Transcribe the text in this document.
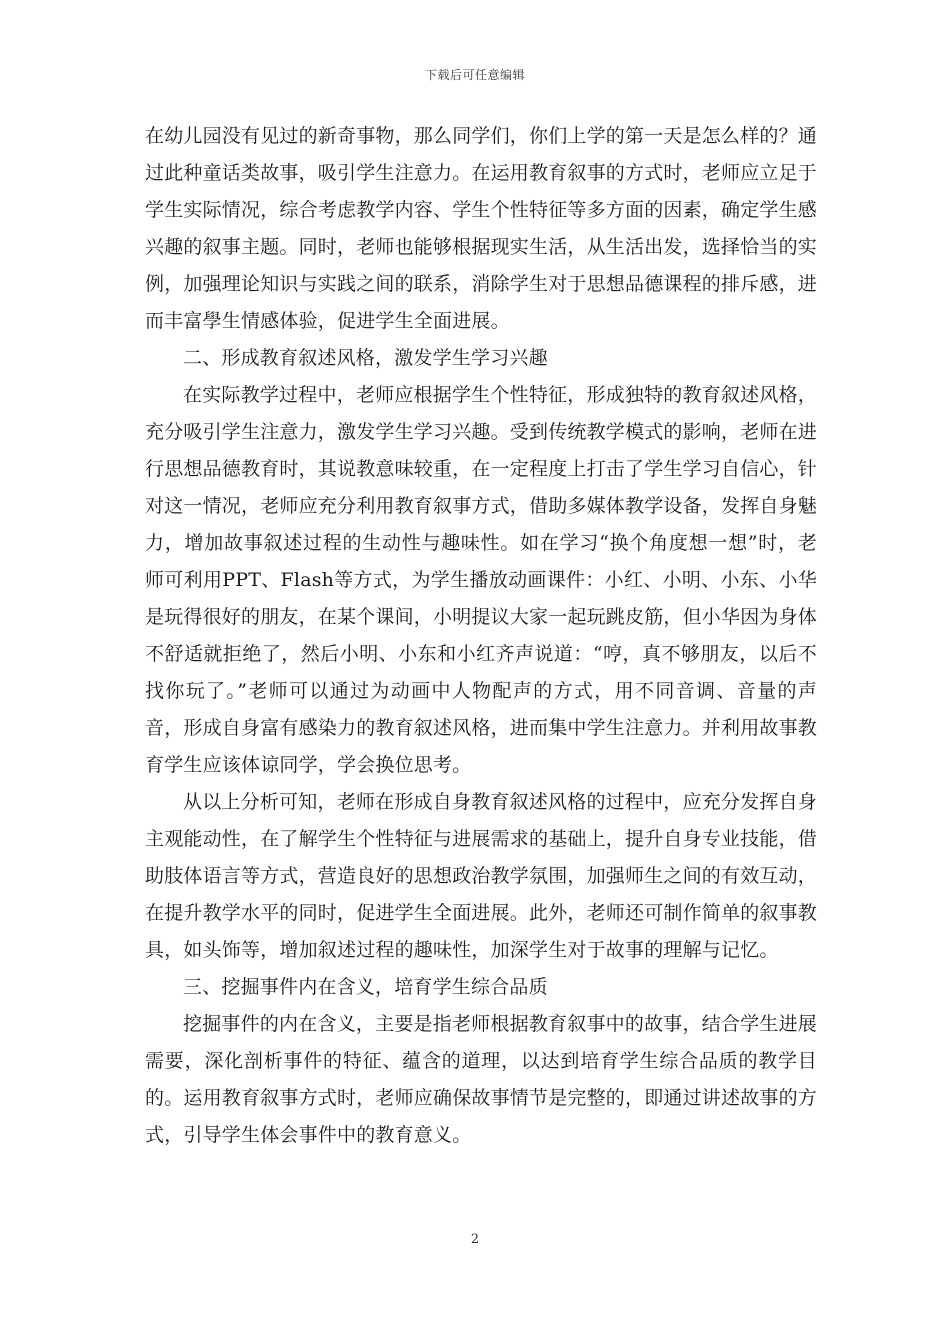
下载后可任意编辑

在幼儿园没有见过的新奇事物，那么同学们，你们上学的第一天是怎么样的？通过此种童话类故事，吸引学生注意力。在运用教育叙事的方式时，老师应立足于学生实际情况，综合考虑教学内容、学生个性特征等多方面的因素，确定学生感兴趣的叙事主题。同时，老师也能够根据现实生活，从生活出发，选择恰当的实例，加强理论知识与实践之间的联系，消除学生对于思想品德课程的排斥感，进而丰富學生情感体验，促进学生全面进展。

二、形成教育叙述风格，激发学生学习兴趣

在实际教学过程中，老师应根据学生个性特征，形成独特的教育叙述风格，充分吸引学生注意力，激发学生学习兴趣。受到传统教学模式的影响，老师在进行思想品德教育时，其说教意味较重，在一定程度上打击了学生学习自信心，针对这一情况，老师应充分利用教育叙事方式，借助多媒体教学设备，发挥自身魅力，增加故事叙述过程的生动性与趣味性。如在学习“换个角度想一想”时，老师可利用PPT、Flash等方式，为学生播放动画课件：小红、小明、小东、小华是玩得很好的朋友，在某个课间，小明提议大家一起玩跳皮筋，但小华因为身体不舒适就拒绝了，然后小明、小东和小红齐声说道：“哼，真不够朋友，以后不找你玩了。”老师可以通过为动画中人物配声的方式，用不同音调、音量的声音，形成自身富有感染力的教育叙述风格，进而集中学生注意力。并利用故事教育学生应该体谅同学，学会换位思考。

从以上分析可知，老师在形成自身教育叙述风格的过程中，应充分发挥自身主观能动性，在了解学生个性特征与进展需求的基础上，提升自身专业技能，借助肢体语言等方式，营造良好的思想政治教学氛围，加强师生之间的有效互动，在提升教学水平的同时，促进学生全面进展。此外，老师还可制作简单的叙事教具，如头饰等，增加叙述过程的趣味性，加深学生对于故事的理解与记忆。

三、挖掘事件内在含义，培育学生综合品质

挖掘事件的内在含义，主要是指老师根据教育叙事中的故事，结合学生进展需要，深化剖析事件的特征、蕴含的道理，以达到培育学生综合品质的教学目的。运用教育叙事方式时，老师应确保故事情节是完整的，即通过讲述故事的方式，引导学生体会事件中的教育意义。

2
